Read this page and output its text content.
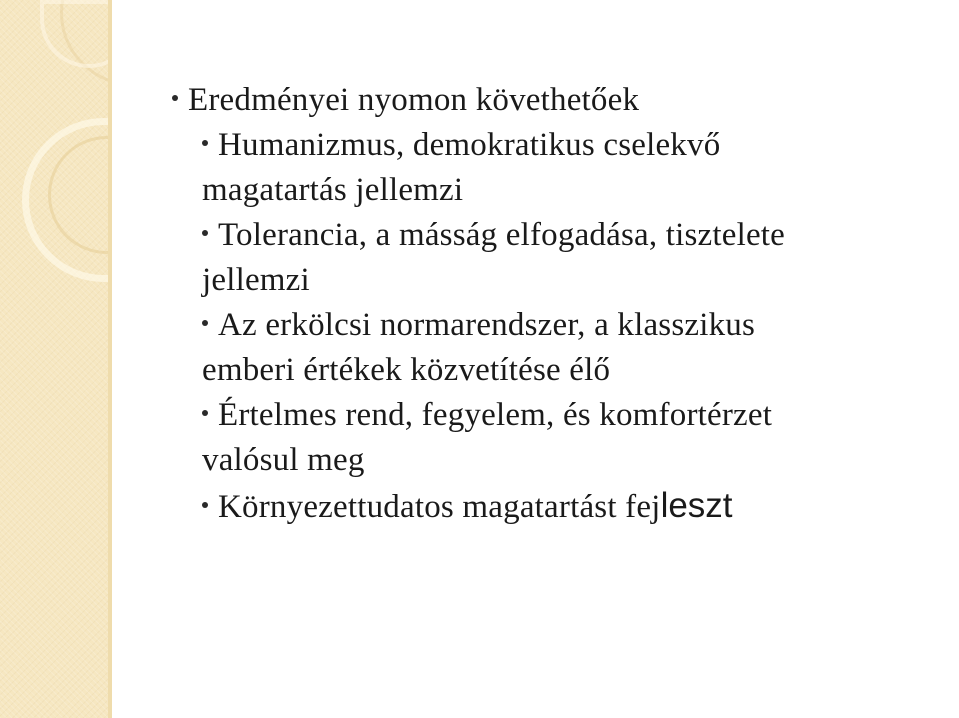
Eredményei nyomon követhetőek
Humanizmus, demokratikus cselekvő
magatartás jellemzi
Tolerancia, a másság elfogadása, tisztelete
jellemzi
Az erkölcsi normarendszer, a klasszikus
emberi értékek közvetítése élő
Értelmes rend, fegyelem, és komfortérzet
valósul meg
Környezettudatos magatartást fejleszt
